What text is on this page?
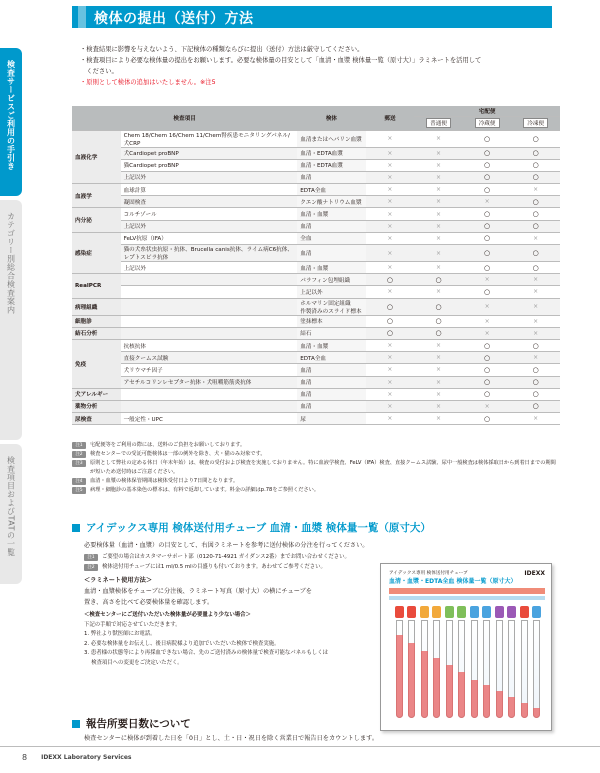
検体の提出（送付）方法
検査サービスご利用の手引き
カテゴリー別総合検査案内
検査項目およびTATの一覧
・検査結果に影響を与えないよう、下記検体の種類ならびに提出（送付）方法は厳守してください。
・検査項目により必要な検体量の提出をお願いします。必要な検体量の目安として「血清・血漿 検体量一覧（原寸大）」ラミネートを活用して
　ください。
・原則として検体の追加はいたしません。※注5
検査項目		検体	郵送	宅配便		
				普通便	冷蔵便	冷凍便
血液化学	Chem 18/Chem 16/Chem 11/Chem腎疾患モニタリングパネル/犬CRP	血清またはヘパリン血漿	×	×	○	○
	犬Cardiopet proBNP	血清・EDTA血漿	×	×	○	○
	猫Cardiopet proBNP	血清・EDTA血漿	×	×	○	○
	上記以外	血清	×	×	○	○
血液学	血球計算	EDTA全血	×	×	○	×
	凝固検査	クエン酸ナトリウム血漿	×	×	×	○
内分泌	コルチゾール	血清・血漿	×	×	○	○
	上記以外	血清	×	×	○	○
感染症	FeLV抗原（IFA）	全血	×	×	○	×
	猫の犬糸状虫抗原・抗体、Brucella canis抗体、ライム病C6抗体、レプトスピラ抗体	血清	×	×	○	○
	上記以外	血清・血漿	×	×	○	○
RealPCR		パラフィン包埋組織	○	○	×	×
		上記以外	×	×	○	×
病理組織		ホルマリン固定組織
作製済みのスライド標本	○	○	×	×
細胞診		塗抹標本	○	○	×	×
結石分析		結石	○	○	×	×
免疫	抗核抗体	血清・血漿	×	×	○	○
	直接クームス試験	EDTA全血	×	×	○	×
	犬リウマチ因子	血清	×	×	○	○
	アセチルコリンレセプター抗体・犬咀嚼筋筋炎抗体	血清	×	×	○	○
犬アレルギー		血清	×	×	○	○
薬物分析		血清	×	×	×	○
尿検査	一般定性・UPC	尿	×	×	○	×
注1	宅配便等をご利用の際には、送料のご負担をお願いしております。
注2	検査センターでの受託可能検体は一部の例外を除き、犬・猫のみ対象です。
注3	原則として弊社の定める休日（年末年始）は、検査の受付および検査を実施しておりません。特に血液学検査、FeLV（IFA）検査、直接クームス試験、尿中一般検査は検体採取日から到着日までの期間が短いため送付時はご注意ください。
注4	血清・血漿の検体保管期間は検体受付日より7日間となります。
注5	病理・細胞診の基本染色の標本は、有料で返却しています。料金の詳細はp.78をご参照ください。
アイデックス専用
検体送付用チューブ 血清・血漿 検体量一覧（原寸大）
必要検体量（血清・血漿）の目安として、右図ラミネートを参考に送付検体の分注を行ってください。
注1 ご要望の場合はカスタマーサポート部（0120-71-4921 ガイダンス2番）までお問い合わせください。
注2 検体送付用チューブには1 ml/0.5 mlの目盛りも付いております。あわせてご参考ください。
＜ラミネート使用方法＞
血清・血漿検体をチューブに分注後、ラミネート写真（原寸大）の横にチューブを
置き、高さを比べて必要検体量を確認します。
＜検査センターにご送付いただいた検体量が必要量より少ない場合＞
下記の手順で対応させていただきます。
1. 弊社より獣医師にお電話。
2. 必要な検体量をお伝えし、後日病院様より追加でいただいた検体で検査実施。
3. 患者様の状態等により再採血できない場合、先のご送付済みの検体量で検査可能なパネルもしくは
　 検査項目への変更をご決定いただく。
アイデックス専用 検体送付用チューブ
血清・血漿・EDTA全血 検体量一覧（原寸大）
IDEXX
報告所要日数について
検査センターに検体が到着した日を「0日」とし、土・日・祝日を除く営業日で報告日をカウントします。
8 IDEXX Laboratory Services
